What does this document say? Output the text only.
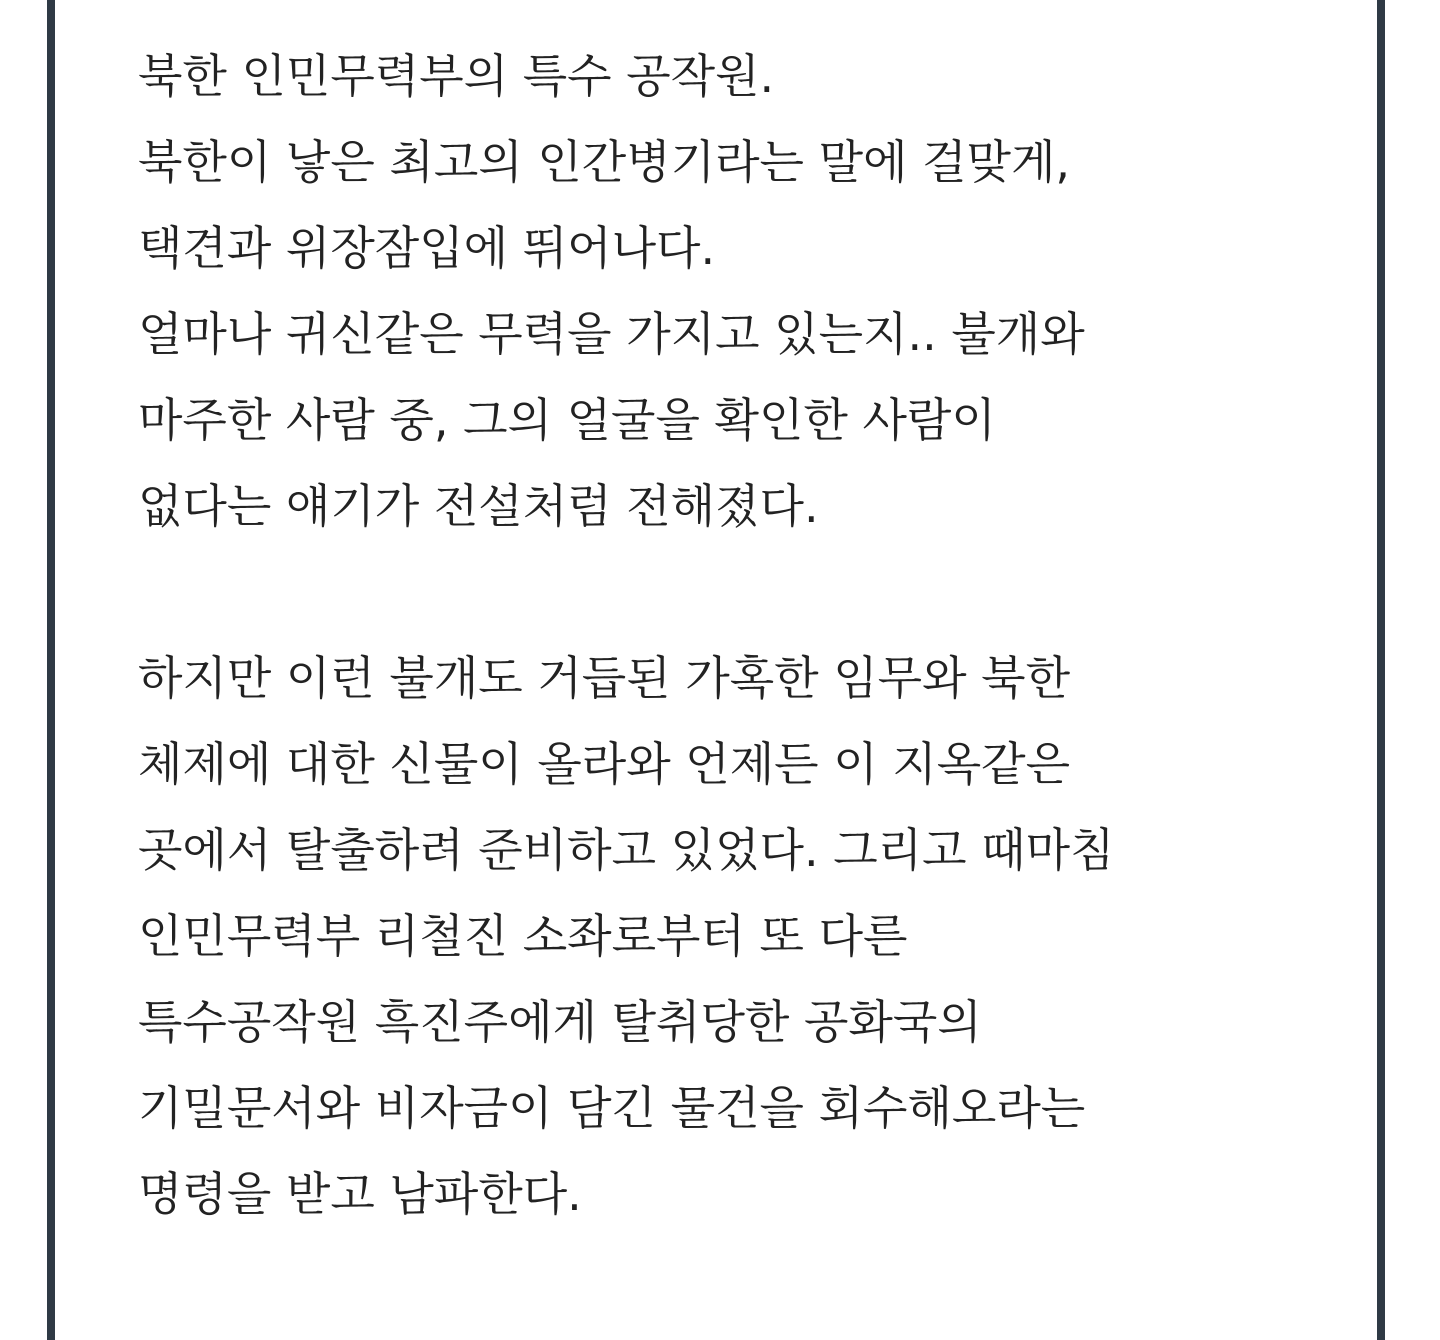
북한 인민무력부의 특수 공작원.
북한이 낳은 최고의 인간병기라는 말에 걸맞게,
택견과 위장잠입에 뛰어나다.
얼마나 귀신같은 무력을 가지고 있는지.. 불개와
마주한 사람 중, 그의 얼굴을 확인한 사람이
없다는 얘기가 전설처럼 전해졌다.
하지만 이런 불개도 거듭된 가혹한 임무와 북한
체제에 대한 신물이 올라와 언제든 이 지옥같은
곳에서 탈출하려 준비하고 있었다. 그리고 때마침
인민무력부 리철진 소좌로부터 또 다른
특수공작원 흑진주에게 탈취당한 공화국의
기밀문서와 비자금이 담긴 물건을 회수해오라는
명령을 받고 남파한다.
